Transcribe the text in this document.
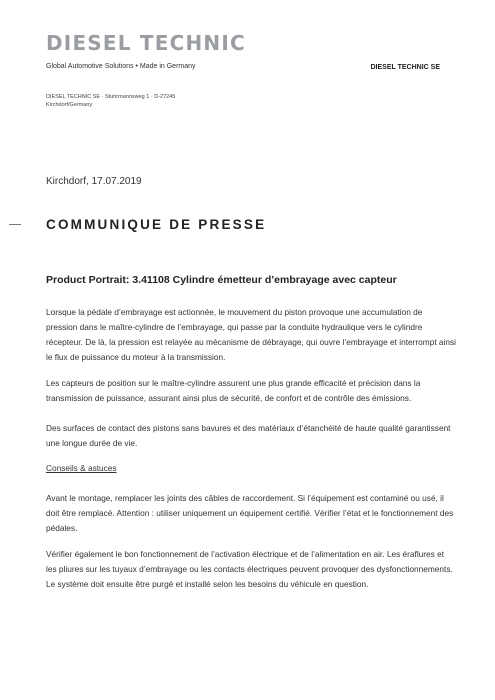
DIESEL TECHNIC
Global Automotive Solutions • Made in Germany	DIESEL TECHNIC SE
DIESEL TECHNIC SE · Stuhrmannsweg 1 · D-27245
Kirchdorf/Germany
Kirchdorf, 17.07.2019
COMMUNIQUE DE PRESSE
Product Portrait: 3.41108 Cylindre émetteur d’embrayage avec capteur
Lorsque la pédale d’embrayage est actionnée, le mouvement du piston provoque une accumulation de pression dans le maître-cylindre de l’embrayage, qui passe par la conduite hydraulique vers le cylindre récepteur. De là, la pression est relayée au mécanisme de débrayage, qui ouvre l’embrayage et interrompt ainsi le flux de puissance du moteur à la transmission.
Les capteurs de position sur le maître-cylindre assurent une plus grande efficacité et précision dans la transmission de puissance, assurant ainsi plus de sécurité, de confort et de contrôle des émissions.
Des surfaces de contact des pistons sans bavures et des matériaux d’étanchéité de haute qualité garantissent une longue durée de vie.
Conseils & astuces
Avant le montage, remplacer les joints des câbles de raccordement. Si l’équipement est contaminé ou usé, il doit être remplacé. Attention : utiliser uniquement un équipement certifié. Vérifier l’état et le fonctionnement des pédales.
Vérifier également le bon fonctionnement de l’activation électrique et de l’alimentation en air. Les éraflures et les pliures sur les tuyaux d’embrayage ou les contacts électriques peuvent provoquer des dysfonctionnements. Le système doit ensuite être purgé et installé selon les besoins du véhicule en question.
